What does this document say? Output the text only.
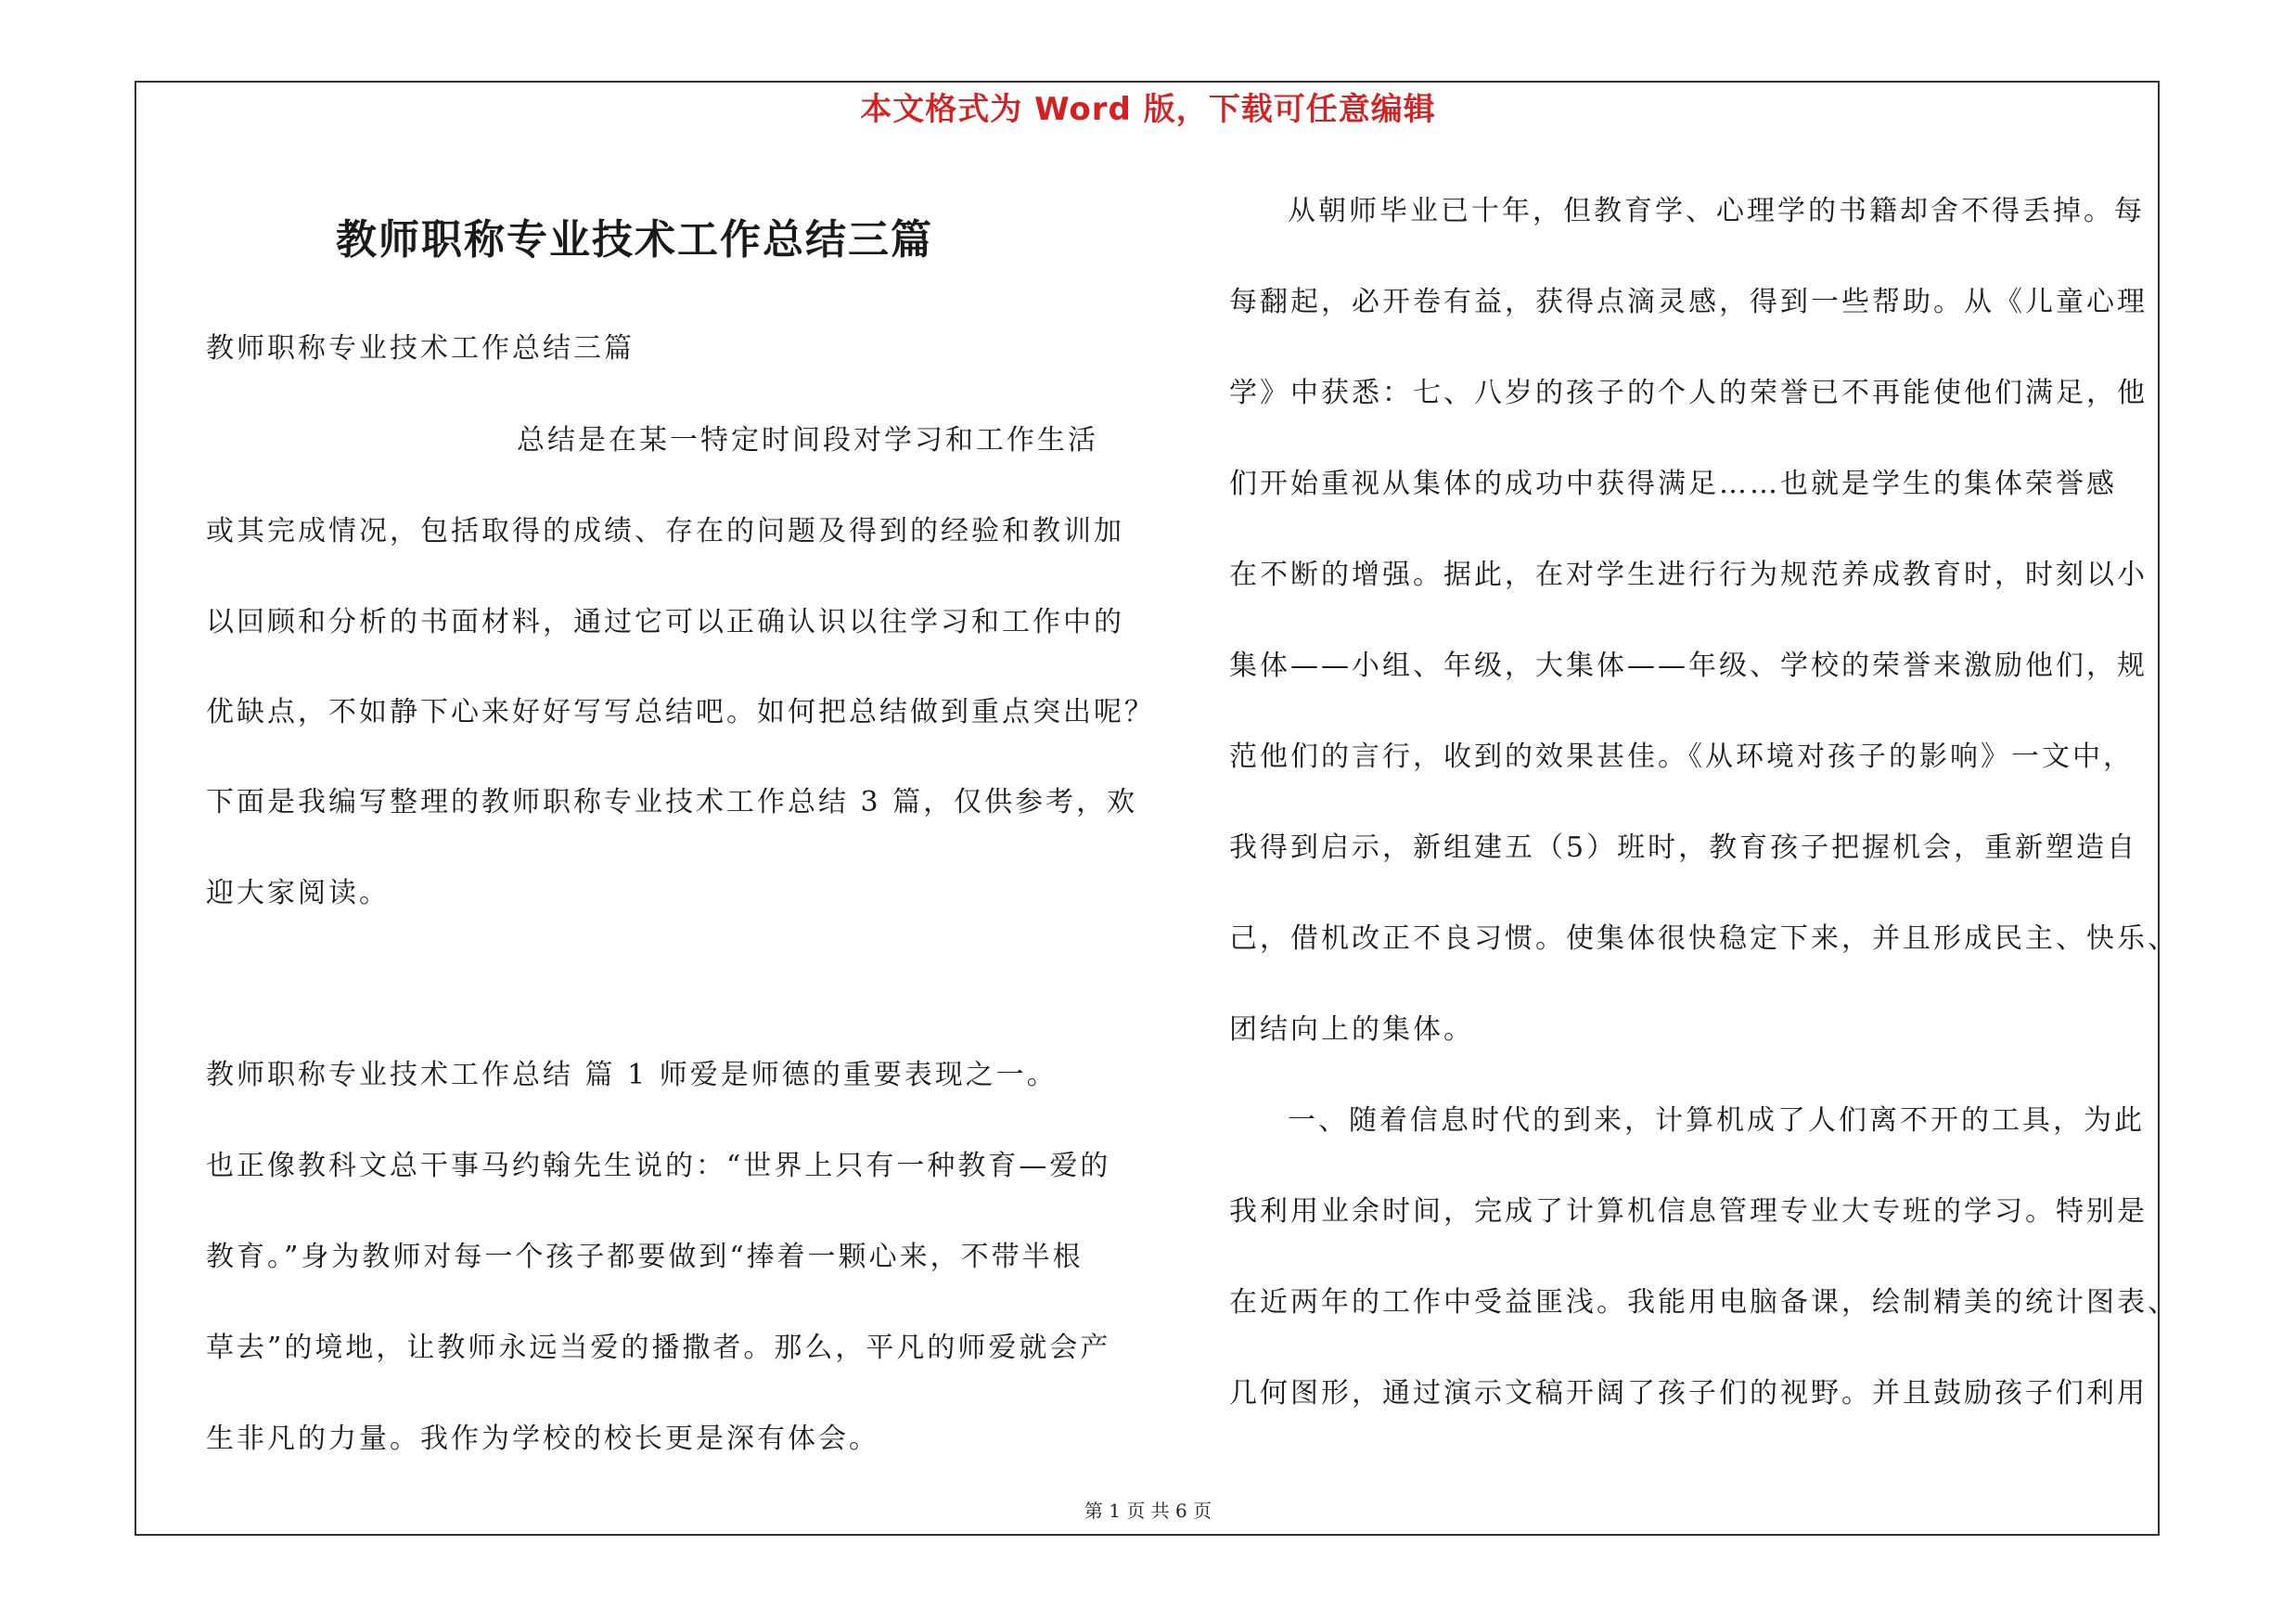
本文格式为 Word 版，下载可任意编辑
教师职称专业技术工作总结三篇
教师职称专业技术工作总结三篇
总结是在某一特定时间段对学习和工作生活
或其完成情况，包括取得的成绩、存在的问题及得到的经验和教训加
以回顾和分析的书面材料，通过它可以正确认识以往学习和工作中的
优缺点，不如静下心来好好写写总结吧。如何把总结做到重点突出呢？
下面是我编写整理的教师职称专业技术工作总结 3 篇，仅供参考，欢
迎大家阅读。
教师职称专业技术工作总结 篇 1 师爱是师德的重要表现之一。
也正像教科文总干事马约翰先生说的：“世界上只有一种教育—爱的
教育。”身为教师对每一个孩子都要做到“捧着一颗心来，不带半根
草去”的境地，让教师永远当爱的播撒者。那么，平凡的师爱就会产
生非凡的力量。我作为学校的校长更是深有体会。
从朝师毕业已十年，但教育学、心理学的书籍却舍不得丢掉。每
每翻起，必开卷有益，获得点滴灵感，得到一些帮助。从《儿童心理
学》中获悉：七、八岁的孩子的个人的荣誉已不再能使他们满足，他
们开始重视从集体的成功中获得满足……也就是学生的集体荣誉感
在不断的增强。据此，在对学生进行行为规范养成教育时，时刻以小
集体——小组、年级，大集体——年级、学校的荣誉来激励他们，规
范他们的言行，收到的效果甚佳。《从环境对孩子的影响》一文中，
我得到启示，新组建五（5）班时，教育孩子把握机会，重新塑造自
己，借机改正不良习惯。使集体很快稳定下来，并且形成民主、快乐、
团结向上的集体。
一、随着信息时代的到来，计算机成了人们离不开的工具，为此
我利用业余时间，完成了计算机信息管理专业大专班的学习。特别是
在近两年的工作中受益匪浅。我能用电脑备课，绘制精美的统计图表、
几何图形，通过演示文稿开阔了孩子们的视野。并且鼓励孩子们利用
第 1 页 共 6 页
